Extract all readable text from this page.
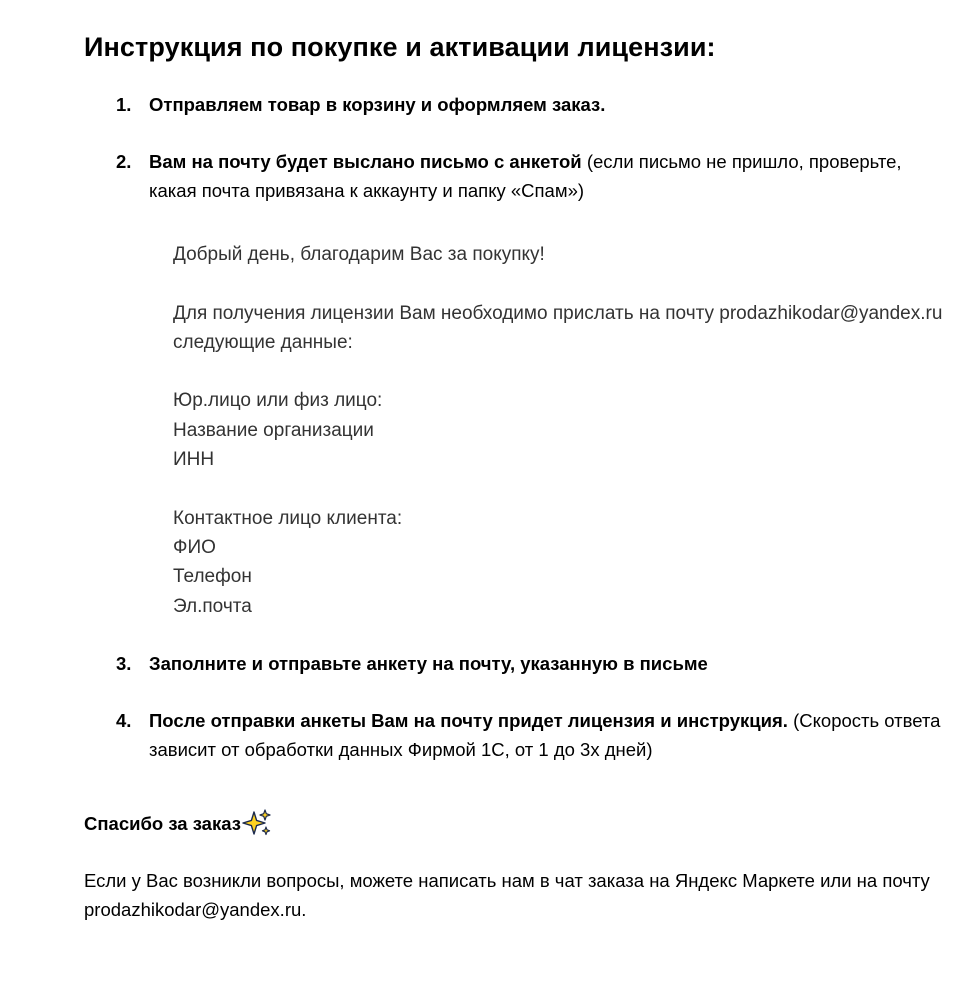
Инструкция по покупке и активации лицензии:
1. Отправляем товар в корзину и оформляем заказ.
2. Вам на почту будет выслано письмо с анкетой (если письмо не пришло, проверьте, какая почта привязана к аккаунту и папку «Спам»)
Добрый день, благодарим Вас за покупку!
Для получения лицензии Вам необходимо прислать на почту prodazhikodar@yandex.ru следующие данные:
Юр.лицо или физ лицо:
Название организации
ИНН
Контактное лицо клиента:
ФИО
Телефон
Эл.почта
3. Заполните и отправьте анкету на почту, указанную в письме
4. После отправки анкеты Вам на почту придет лицензия и инструкция. (Скорость ответа зависит от обработки данных Фирмой 1С, от 1 до 3х дней)
Спасибо за заказ
Если у Вас возникли вопросы, можете написать нам в чат заказа на Яндекс Маркете или на почту prodazhikodar@yandex.ru.
